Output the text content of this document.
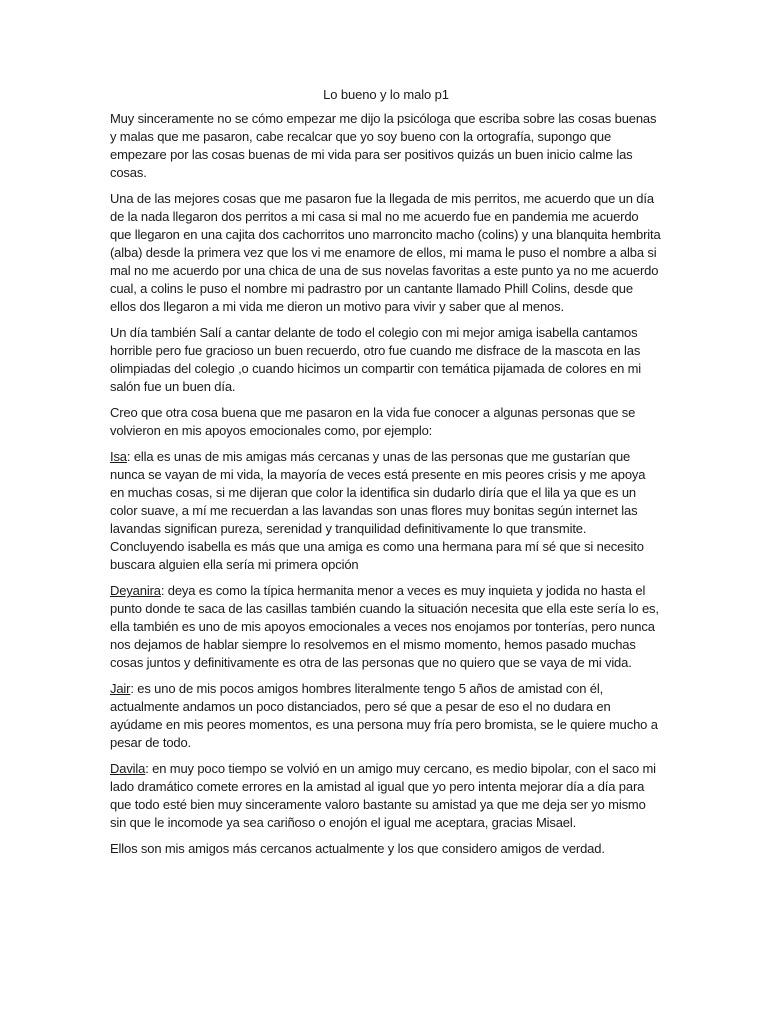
Lo bueno y lo malo p1

Muy sinceramente no se cómo empezar me dijo la psicóloga que escriba sobre las cosas buenas y malas que me pasaron, cabe recalcar que yo soy bueno con la ortografía, supongo que empezare por las cosas buenas de mi vida para ser positivos quizás un buen inicio calme las cosas.

Una de las mejores cosas que me pasaron fue la llegada de mis perritos, me acuerdo que un día de la nada llegaron dos perritos a mi casa si mal no me acuerdo fue en pandemia me acuerdo que llegaron en una cajita dos cachorritos uno marroncito macho (colins) y una blanquita hembrita (alba) desde la primera vez que los vi me enamore de ellos, mi mama le puso el nombre a alba si mal no me acuerdo por una chica de una de sus novelas favoritas a este punto ya no me acuerdo cual, a colins le puso el nombre mi padrastro por un cantante llamado Phill Colins, desde que ellos dos llegaron a mi vida me dieron un motivo para vivir y saber que al menos.

Un día también Salí a cantar delante de todo el colegio con mi mejor amiga isabella cantamos horrible pero fue gracioso un buen recuerdo, otro fue cuando me disfrace de la mascota en las olimpiadas del colegio ,o cuando hicimos un compartir con temática pijamada de colores en mi salón fue un buen día.

Creo que otra cosa buena que me pasaron en la vida fue conocer a algunas personas que se volvieron en mis apoyos emocionales como, por ejemplo:

Isa: ella es unas de mis amigas más cercanas y unas de las personas que me gustarían que nunca se vayan de mi vida, la mayoría de veces está presente en mis peores crisis y me apoya en muchas cosas, si me dijeran que color la identifica sin dudarlo diría que el lila ya que es un color suave, a mí me recuerdan a las lavandas son unas flores muy bonitas según internet las lavandas significan pureza, serenidad y tranquilidad definitivamente lo que transmite. Concluyendo isabella es más que una amiga es como una hermana para mí sé que si necesito buscara alguien ella sería mi primera opción

Deyanira: deya es como la típica hermanita menor a veces es muy inquieta y jodida no hasta el punto donde te saca de las casillas también cuando la situación necesita que ella este sería lo es, ella también es uno de mis apoyos emocionales a veces nos enojamos por tonterías, pero nunca nos dejamos de hablar siempre lo resolvemos en el mismo momento, hemos pasado muchas cosas juntos y definitivamente es otra de las personas que no quiero que se vaya de mi vida.

Jair: es uno de mis pocos amigos hombres literalmente tengo 5 años de amistad con él, actualmente andamos un poco distanciados, pero sé que a pesar de eso el no dudara en ayúdame en mis peores momentos, es una persona muy fría pero bromista, se le quiere mucho a pesar de todo.

Davila: en muy poco tiempo se volvió en un amigo muy cercano, es medio bipolar, con el saco mi lado dramático comete errores en la amistad al igual que yo pero intenta mejorar día a día para que todo esté bien muy sinceramente valoro bastante su amistad ya que me deja ser yo mismo sin que le incomode ya sea cariñoso o enojón el igual me aceptara, gracias Misael.

Ellos son mis amigos más cercanos actualmente y los que considero amigos de verdad.
